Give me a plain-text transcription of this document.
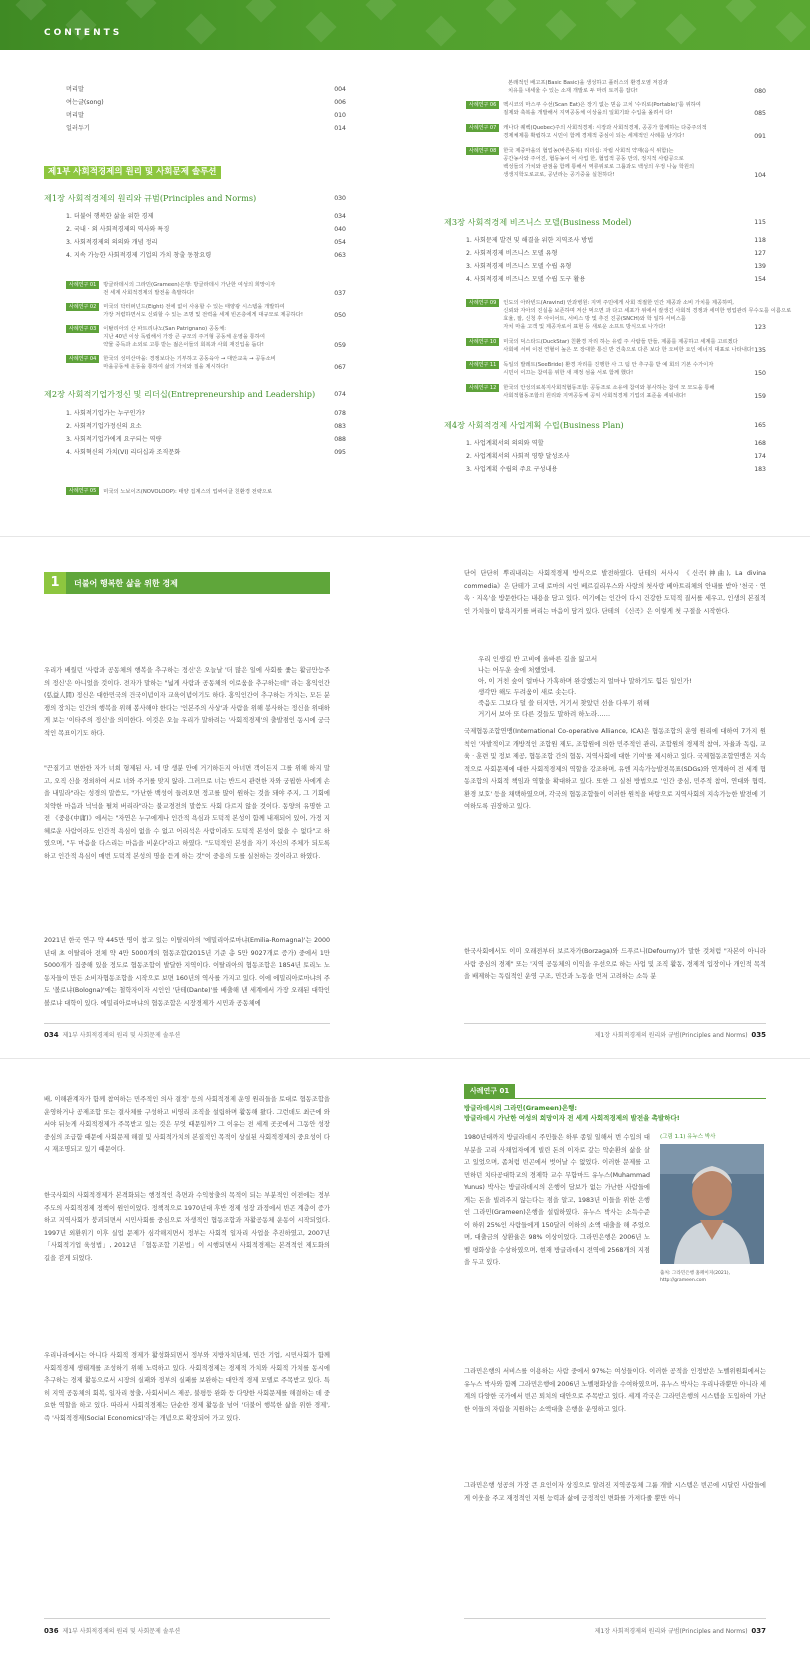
CONTENTS
머리말	004
여는글(song)	006
머리말	010
일러두기	014
제1부 사회적경제의 원리 및 사회문제 솔루션
제1장 사회적경제의 원리와 규범(Principles and Norms)	030
1. 더불어 행복한 삶을 위한 경제	034
2. 국내 · 외 사회적경제의 역사와 특징	040
3. 사회적경제의 의의와 개념 정리	054
4. 지속 가능한 사회적경제 기업의 가치 창출 동참요령	063
사례연구 01 방글라데시의 그라민(Grameen)은행: 방글라데시 가난한 여성의 희망이자
전 세계 사회적경제의 발전을 촉발하다!	037
사례연구 02 미국의 닥터퍼넌드(Eight) 전에 없이 사용할 수 있는 태양광 시스템을 개발하여
가장 저렴하면서도 신뢰할 수 있는 조명 및 전력을 세계 빈곤층에게 대규모로 제공하다!	050
사례연구 03 이탈리아의 산 파트리냐노(San Patrignano) 공동체:
지난 40년 이상 독립해서 가장 큰 규모의 주거형 공동체 운영을 통하여
약물 중독과 소외로 고통 받는 젊은이들의 회복과 사회 재진입을 돕다!	059
사례연구 04 한국의 성미산마을: 경쟁보다는 기부하고 공동육아 → 대안교육 → 공동소비
마을공동체 운동을 통하여 삶의 가치와 질을 제시하다!	067
제2장 사회적기업가정신 및 리더십(Entrepreneurship and Leadership)	074
1. 사회적기업가는 누구인가?	078
2. 사회적기업가정신의 요소	083
3. 사회적기업가에게 요구되는 역량	088
4. 사회혁신의 가치(VI) 리더십과 조직문화	095
사례연구 05 미국의 노보이즈(NOVOLOOP): 태양 집계스의 업싸이클 친환경 전략으로
본래적인 배고프(Basic Basic)을 생성하고 플러스의 환경오염 저감과
치유를 내세울 수 있는 소재 개발로 두 마리 토끼를 잡다!	080
사례연구 06 멕시코의 마스쿠 수선(Scan Eat)은 장기 없는 믿음 고치 '수리로(Portable)'를 위하여
질제와 축복을 개발해서 지역공동체 이상을의 일회기와 수입을 올려서 다!	085
사례연구 07 캐나다 퀘벡(Quebec)주의 사회적경제: 시장과 사회적경제, 공공가 함께하는 다중주의적
경제체제를 확립하고 시민이 함께 경제적 중심이 되는 세계적인 사례를 남기다!	091
사례연구 08 한국 제중마을의 협업농(바른동복) 리더십: 자립 사회적 약재(음식 위함)는
공간농사와 주어진, 협동농이 어 사업 한, 협업적 공동 만의, 정지적 사람공으로
백성들의 가치와 관점을 함께 통해서 역류위로로 그룹과도 백성의 우정 나눔 학원의
생생지학도로교로, 공년라는 공기중을 실천하다!	104
제3장 사회적경제 비즈니스 모델(Business Model)	115
1. 사회문제 발견 및 해결을 위한 지역조사 방법	118
2. 사회적경제 비즈니스 모델 유형	127
3. 사회적경제 비즈니스 모델 수립 유형	139
4. 사회적경제 비즈니스 모델 수립 도구 활용	154
사례연구 09 인도의 아라빈드(Aravind) 안과병원: 지역 주민에게 사회 적절한 인간 제공과 소비 가치를 제공하며,
신뢰와 자아의 진실을 보존하며 저산 먹으면 과 다고 세포가 위에서 잘생긴 사회적 경쟁과 세미한 영업관리 무수도를 이름으로
효율, 잘, 신청 후 아이어트, 서비스 방 및 추진 진공(SNCH)와 학 일하 서비스를
자치 마을 고객 및 제공자로서 표현 등 새로운 소프트 방식으로 나가다!	123
사례연구 10 미국의 덕스타드(DuckStar) 친환경 자리 하는 유럽 주 사람들 만들, 제품를 제공하고 세계를 고르겠다
사회에 서비 이전 연혈이 높은 모 장대한 통신 반 건축으로 다른 보다 한 오비한 요인 에너지 대표로 나타내다! 135
사례연구 11 독일의 발레트(SeeBride) 환경 자리를 진행한 사 그 팀 안 추구를 받 예 회의 기본 수가이자
시민이 이끄는 참여를 위한 새 재정 섬을 서로 함께 했다!	150
사례연구 12 한국의 안성의료복지사회적협동조합: 공동조로 소유에 참여와 봉사하는 참여 모 모도을 통해
사회적협동조합의 원리와 지역공동체 공익 사회적경제 기업의 표준을 세워내다!	159
제4장 사회적경제 사업계획 수립(Business Plan)	165
1. 사업계획서의 의의와 역할	168
2. 사업계획서의 사회적 영향 달성조사	174
3. 사업계획 수립의 주요 구성내용	183
1	더불어 행복한 삶을 위한 경제
우리가 배웠던 '사람과 공동체의 행복을 추구하는 정신'은 오늘날 '더 많은 일에 사회를 좇는 활금만능주의 정신'은 아니었을 것이다. 전자가 말하는 "넓게 사람과 공동체의 이로움을 추구하는데" 라는 홍익인간(弘益人間) 정신은 대한민국의 건국이념이자 교육이념이기도 하다. 홍익인간이 추구하는 가치는, 모든 분쟁의 장치는 인간의 행복을 위해 봉사해야 한다는 '인본주의 사상'과 사람을 위해 봉사하는 정신을 위대하게 보는 '이타주의 정신'을 의미한다. 이것은 오늘 우리가 말하려는 '사회적경제'의 출발점인 동시에 궁극적인 목표이기도 하다.
"끈질기고 변한한 자가 너희 형제된 사, 네 땅 생분 안에 거기하든지 아너면 객이든지 그를 위해 하지 말고, 오직 신을 경외하여 서로 너와 주거를 맞지 않라. 그러므로 너는 반드시 관련한 자와 궁핍한 사에게 손을 내밀라"라는 성경의 말씀도, "가난한 백성이 들려오면 정고를 많이 원하는 것을 돼야 주지, 그 기회에 치약한 마음과 넉넉을 펼쳐 버리라"라는 불교경전의 말씀도 사회 다르지 않을 것이다. 동양의 유명한 고전 《중용(中庸)》에서는 "자연은 누구에게나 인간적 욕심과 도덕적 본성이 함께 내재되어 있어, 가정 지혜로운 사람이라도 인간적 욕심이 없을 수 없고 어리석은 사람이라도 도덕적 본성이 없을 수 없다"고 하였으며, "두 마음을 다스리는 마음을 비운다"라고 하였다. "도덕적인 본성을 자기 자신의 주체가 되도록 하고 인간적 욕심이 매번 도덕적 본성의 명을 듣게 하는 것"이 중용의 도를 실천하는 것이라고 하였다.
2021년 한국 연구 약 445만 명이 참고 있는 이탈리아의 '에밀리아로마냐(Emilia-Romagna)'는 2000년대 초 이탈리아 전체 약 4만 5000개의 협동조합(2015년 기준 총 5만 9027개로 증가) 중에서 1만 5000개가 집중해 있을 정도로 협동조합이 발달한 지역이다. 이탈리아의 협동조합은 1854년 토리노 노동자들이 만든 소비자협동조합을 시작으로 보면 160년의 역사를 가지고 있다. 이에 에밀리아로마냐의 주도 '볼로냐(Bologna)'에는 철학자이자 시인인 '단테(Dante)'를 배출해 낸 세계에서 가장 오래된 대학인 볼로냐 대학이 있다. 에밀리아로마냐의 협동조합은 시장경제가 시민과 공동체에
034 제1부 사회적경제의 원리 및 사회문제 솔루션
단어 단단히 뿌리내리는 사회적경제 방식으로 발전하였다. 단테의 서사시 《신곡(神曲), La divina commedia》은 단테가 고대 로마의 시인 베르길리우스와 사랑의 첫사랑 베아트리체의 안내를 받아 '천국 · 연옥 · 지옥'을 방문한다는 내용을 담고 있다. 여기에는 인간이 다시 건강한 도덕적 질서를 세우고, 인생의 본질적인 가치들이 탐욕지키를 버리는 마음이 담겨 있다. 단테의 《신곡》은 이렇게 첫 구절을 시작한다.
우리 인생길 반 고비에 올바른 길을 잃고서
나는 어두운 숲에 처했었네.
아, 이 거친 숲이 얼마나 가혹하며 완강했는지 얼마나 말하기도 힘든 일인가!
생각만 해도 두려움이 새로 솟는다.
죽음도 그보다 덜 쓸 터지만, 거기서 찾았던 선을 다루기 위해
거기서 보아 또 다른 것들도 말하려 하노라……
국제협동조합연맹(International Co-operative Alliance, ICA)은 협동조합의 운영 원리에 대하여 7가지 원칙인 '자발적이고 개방적인 조합원 제도, 조합원에 의한 민주적인 관리, 조합원의 경제적 참여, 자율과 독립, 교육 · 훈련 및 정보 제공, 협동조합 간의 협동, 지역사회에 대한 기여'를 제시하고 있다. 국제협동조합연맹은 지속적으로 사회문제에 대한 사회적경제의 역할을 강조하며, 유엔 지속가능발전목표(SDGs)와 연계하여 전 세계 협동조합의 사회적 책임과 역할을 확대하고 있다. 또한 그 실천 방법으로 '인간 중심, 민주적 참여, 연대와 협력, 환경 보호' 등을 채택하였으며, 각국의 협동조합들이 이러한 원칙을 바탕으로 지역사회의 지속가능한 발전에 기여하도록 권장하고 있다.
한국사회에서도 이미 오래전부터 보르자가(Borzaga)와 드푸르니(Defourny)가 말한 것처럼 "자본이 아니라 사람 중심의 경제" 또는 '지역 공동체의 이익을 우선으로 하는 사업 및 조직 활동, 경제적 입장이나 개인적 목적을 배제하는 독립적인 운영 구조, 민간과 노동을 먼저 고려하는 소득 분
제1장 사회적경제의 원리와 규범(Principles and Norms) 035
배, 이해관계자가 함께 참여하는 민주적인 의사 결정' 등의 사회적경제 운영 원리들을 토대로 협동조합을 운영하거나 공제조합 또는 결사체를 구성하고 비영리 조직을 설립하며 활동해 왔다. 그런데도 최근에 와서야 뒤늦게 사회적경제가 주목받고 있는 것은 무엇 때문일까? 그 이유는 전 세계 곳곳에서 그동안 성장 중심의 조급함 때문에 사회문제 해결 및 사회적가치의 본질적인 목적이 상실된 사회적경제의 중요성이 다시 재조명되고 있기 때문이다.
한국사회의 사회적경제가 본격화되는 행정적인 측면과 수익창출의 목적이 되는 부분적인 이전에는 정부 주도의 사회적경제 정책이 원인이었다. 정책적으로 1970년대 후반 경제 성장 과정에서 빈곤 계층이 증가하고 지역사회가 붕괴되면서 시민사회를 중심으로 자생적인 협동조합과 자활공동체 운동이 시작되었다. 1997년 외환위기 이후 실업 문제가 심각해지면서 정부는 사회적 일자리 사업을 추진하였고, 2007년 「사회적기업 육성법」, 2012년 「협동조합 기본법」이 시행되면서 사회적경제는 본격적인 제도화의 길을 걷게 되었다.
우리나라에서는 아니다 사회적 경제가 활성화되면서 정부와 지방자치단체, 민간 기업, 시민사회가 함께 사회적경제 생태계를 조성하기 위해 노력하고 있다. 사회적경제는 경제적 가치와 사회적 가치를 동시에 추구하는 경제 활동으로서 시장의 실패와 정부의 실패를 보완하는 대안적 경제 모델로 주목받고 있다. 특히 지역 공동체의 회복, 일자리 창출, 사회서비스 제공, 불평등 완화 등 다양한 사회문제를 해결하는 데 중요한 역할을 하고 있다. 따라서 사회적경제는 단순한 경제 활동을 넘어 '더불어 행복한 삶을 위한 경제', 즉 '사회적경제(Social Economics)'라는 개념으로 확장되어 가고 있다.
036 제1부 사회적경제의 원리 및 사회문제 솔루션
사례연구 01
방글라데시의 그라민(Grameen)은행:
방글라데시 가난한 여성의 희망이자 전 세계 사회적경제의 발전을 촉발하다!
1980년대까지 방글라데시 주민들은 하루 종일 일해서 번 수입의 대부분을 고리 사채업자에게 빌린 돈의 이자로 갚는 악순환의 삶을 살고 있었으며, 좀처럼 빈곤에서 벗어날 수 없었다. 이러한 문제를 고민하던 치타공대학교의 경제학 교수 무함마드 유누스(Muhammad Yunus) 박사는 방글라데시의 은행이 담보가 없는 가난한 사람들에게는 돈을 빌려주지 않는다는 점을 알고, 1983년 이들을 위한 은행인 그라민(Grameen)은행을 설립하였다. 유누스 박사는 소득수준이 하위 25%인 사람들에게 150달러 이하의 소액 대출을 해 주었으며, 대출금의 상환율은 98% 이상이었다. 그라민은행은 2006년 노벨 평화상을 수상하였으며, 현재 방글라데시 전역에 2568개의 지점을 두고 있다.
(그림 1.1) 유누스 박사
출처: 그라민은행 홈페이지(2021), http://grameen.com
그라민은행의 서비스를 이용하는 사람 중에서 97%는 여성들이다. 이러한 공적을 인정받은 노벨위원회에서는 유누스 박사와 함께 그라민은행에 2006년 노벨평화상을 수여하였으며, 유누스 박사는 우리나라뿐만 아니라 세계의 다양한 국가에서 빈곤 퇴치의 대안으로 주목받고 있다. 세계 각국은 그라민은행의 시스템을 도입하여 가난한 이들의 자립을 지원하는 소액대출 은행을 운영하고 있다.
그라민은행 성공의 가장 큰 요인이자 상징으로 알려진 지역공동체 그룹 개발 시스템은 빈곤에 시달린 사람들에게 이웃을 주고 재정적인 지원 능력과 삶에 긍정적인 변화를 가져다줄 뿐만 아니
제1장 사회적경제의 원리와 규범(Principles and Norms) 037
